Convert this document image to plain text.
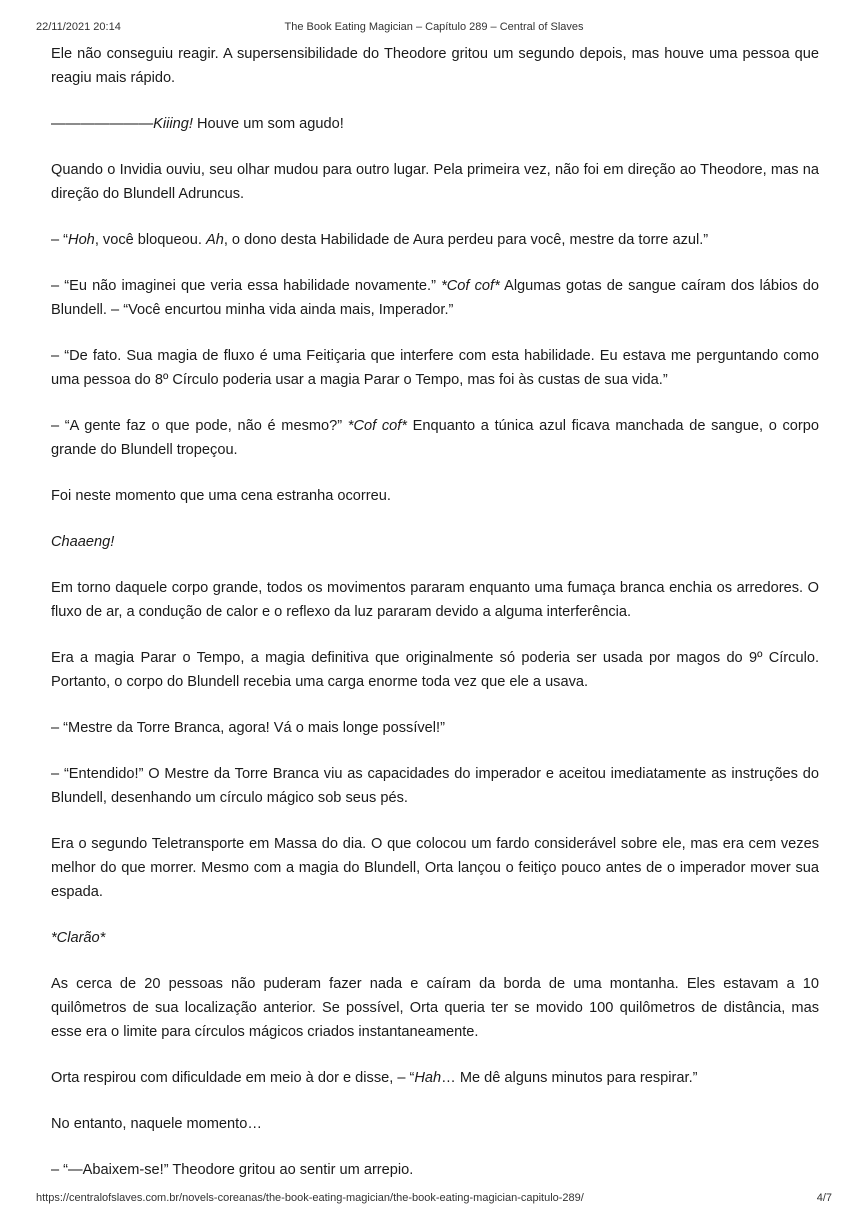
22/11/2021 20:14	The Book Eating Magician – Capítulo 289 – Central of Slaves

Ele não conseguiu reagir. A supersensibilidade do Theodore gritou um segundo depois, mas houve uma pessoa que reagiu mais rápido.

———————Kiiing! Houve um som agudo!

Quando o Invidia ouviu, seu olhar mudou para outro lugar. Pela primeira vez, não foi em direção ao Theodore, mas na direção do Blundell Adruncus.

– “Hoh, você bloqueou. Ah, o dono desta Habilidade de Aura perdeu para você, mestre da torre azul.”

– “Eu não imaginei que veria essa habilidade novamente.” *Cof cof* Algumas gotas de sangue caíram dos lábios do Blundell. – “Você encurtou minha vida ainda mais, Imperador.”

– “De fato. Sua magia de fluxo é uma Feitiçaria que interfere com esta habilidade. Eu estava me perguntando como uma pessoa do 8º Círculo poderia usar a magia Parar o Tempo, mas foi às custas de sua vida.”

– “A gente faz o que pode, não é mesmo?” *Cof cof* Enquanto a túnica azul ficava manchada de sangue, o corpo grande do Blundell tropeçou.

Foi neste momento que uma cena estranha ocorreu.

Chaaeng!

Em torno daquele corpo grande, todos os movimentos pararam enquanto uma fumaça branca enchia os arredores. O fluxo de ar, a condução de calor e o reflexo da luz pararam devido a alguma interferência.

Era a magia Parar o Tempo, a magia definitiva que originalmente só poderia ser usada por magos do 9º Círculo. Portanto, o corpo do Blundell recebia uma carga enorme toda vez que ele a usava.

– “Mestre da Torre Branca, agora! Vá o mais longe possível!”

– “Entendido!” O Mestre da Torre Branca viu as capacidades do imperador e aceitou imediatamente as instruções do Blundell, desenhando um círculo mágico sob seus pés.

Era o segundo Teletransporte em Massa do dia. O que colocou um fardo considerável sobre ele, mas era cem vezes melhor do que morrer. Mesmo com a magia do Blundell, Orta lançou o feitiço pouco antes de o imperador mover sua espada.

*Clarão*

As cerca de 20 pessoas não puderam fazer nada e caíram da borda de uma montanha. Eles estavam a 10 quilômetros de sua localização anterior. Se possível, Orta queria ter se movido 100 quilômetros de distância, mas esse era o limite para círculos mágicos criados instantaneamente.

Orta respirou com dificuldade em meio à dor e disse, – “Hah… Me dê alguns minutos para respirar.”

No entanto, naquele momento…

– “—Abaixem-se!” Theodore gritou ao sentir um arrepio.

https://centralofslaves.com.br/novels-coreanas/the-book-eating-magician/the-book-eating-magician-capitulo-289/	4/7
